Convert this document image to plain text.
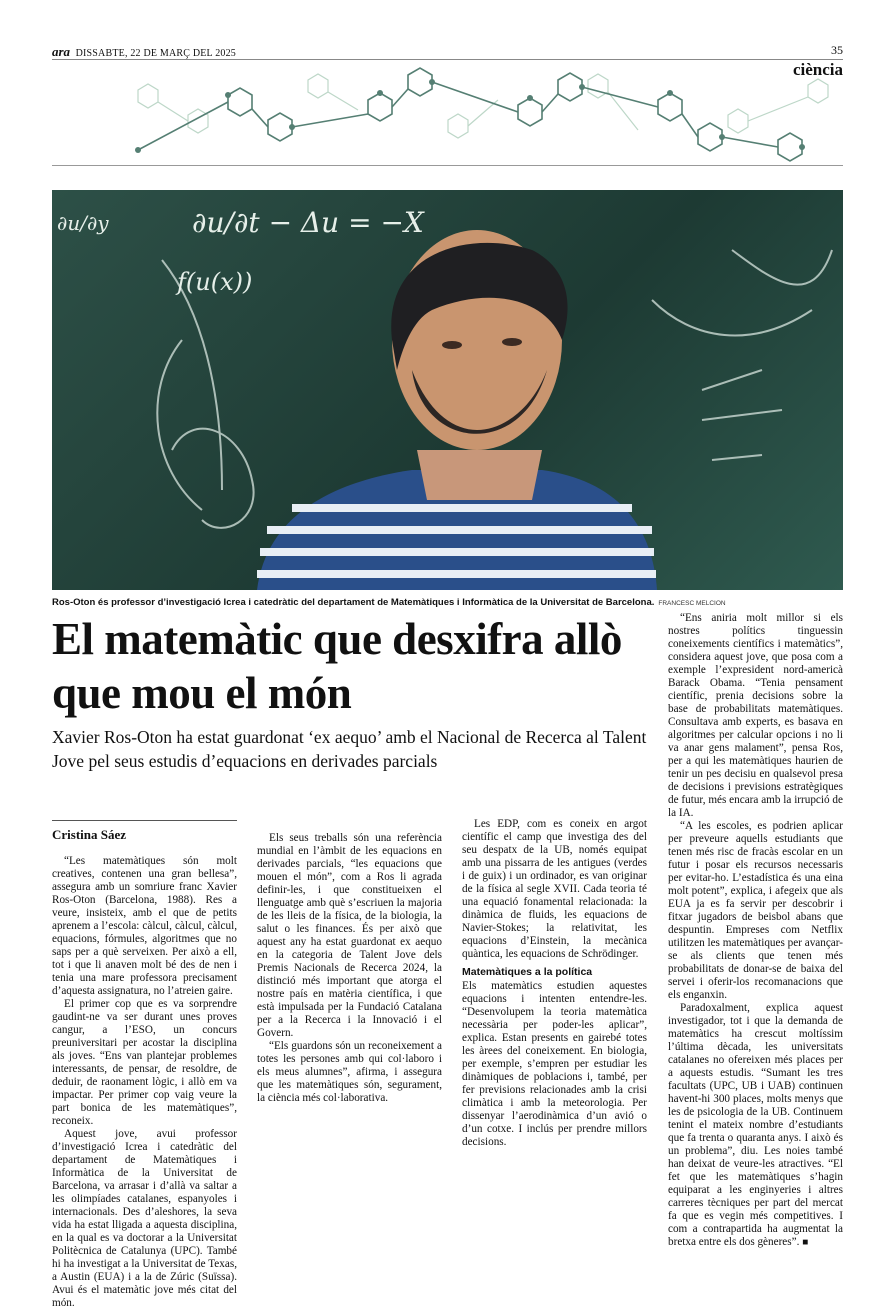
ara DISSABTE, 22 DE MARÇ DEL 2025	35
ciència
∂u/∂t − Δu = −X
f(u(x))
∂u/∂y
Ros-Oton és professor d’investigació Icrea i catedràtic del departament de Matemàtiques i Informàtica de la Universitat de Barcelona. FRANCESC MELCION
El matemàtic que desxifra allò que mou el món
Xavier Ros-Oton ha estat guardonat ‘ex aequo’ amb el Nacional de Recerca al Talent Jove pel seus estudis d’equacions en derivades parcials
Cristina Sáez

“Les matemàtiques són molt creatives, contenen una gran bellesa”, assegura amb un somriure franc Xavier Ros-Oton (Barcelona, 1988). Res a veure, insisteix, amb el que de petits aprenem a l’escola: càlcul, càlcul, càlcul, equacions, fórmules, algoritmes que no saps per a què serveixen. Per això a ell, tot i que li anaven molt bé des de nen i tenia una mare professora precisament d’aquesta assignatura, no l’atreien gaire.

El primer cop que es va sorprendre gaudint-ne va ser durant unes proves cangur, a l’ESO, un concurs preuniversitari per acostar la disciplina als joves. “Ens van plantejar problemes interessants, de pensar, de resoldre, de deduir, de raonament lògic, i allò em va impactar. Per primer cop vaig veure la part bonica de les matemàtiques”, reconeix.

Aquest jove, avui professor d’investigació Icrea i catedràtic del departament de Matemàtiques i Informàtica de la Universitat de Barcelona, va arrasar i d’allà va saltar a les olimpíades catalanes, espanyoles i internacionals. Des d’aleshores, la seva vida ha estat lligada a aquesta disciplina, en la qual es va doctorar a la Universitat Politècnica de Catalunya (UPC). També hi ha investigat a la Universitat de Texas, a Austin (EUA) i a la de Zúric (Suïssa). Avui és el matemàtic jove més citat del món.

Els seus treballs són una referència mundial en l’àmbit de les equacions en derivades parcials, “les equacions que mouen el món”, com a Ros li agrada definir-les, i que constitueixen el llenguatge amb què s’escriuen la majoria de les lleis de la física, de la biologia, la salut o les finances. És per això que aquest any ha estat guardonat ex aequo en la categoria de Talent Jove dels Premis Nacionals de Recerca 2024, la distinció més important que atorga el nostre país en matèria científica, i que està impulsada per la Fundació Catalana per a la Recerca i la Innovació i el Govern.

“Els guardons són un reconeixement a totes les persones amb qui col·laboro i els meus alumnes”, afirma, i assegura que les matemàtiques són, segurament, la ciència més col·laborativa.

Les EDP, com es coneix en argot científic el camp que investiga des del seu despatx de la UB, només equipat amb una pissarra de les antigues (verdes i de guix) i un ordinador, es van originar de la física al segle XVII. Cada teoria té una equació fonamental relacionada: la dinàmica de fluids, les equacions de Navier-Stokes; la relativitat, les equacions d’Einstein, la mecànica quàntica, les equacions de Schrödinger.

Matemàtiques a la política

Els matemàtics estudien aquestes equacions i intenten entendre-les. “Desenvolupem la teoria matemàtica necessària per poder-les aplicar”, explica. Estan presents en gairebé totes les àrees del coneixement. En biologia, per exemple, s’empren per estudiar les dinàmiques de poblacions i, també, per fer previsions relacionades amb la crisi climàtica i amb la meteorologia. Per dissenyar l’aerodinàmica d’un avió o d’un cotxe. I inclús per prendre millors decisions.

“Ens aniria molt millor si els nostres polítics tinguessin coneixements científics i matemàtics”, considera aquest jove, que posa com a exemple l’expresident nord-americà Barack Obama. “Tenia pensament científic, prenia decisions sobre la base de probabilitats matemàtiques. Consultava amb experts, es basava en algoritmes per calcular opcions i no li va anar gens malament”, pensa Ros, per a qui les matemàtiques haurien de tenir un pes decisiu en qualsevol presa de decisions i previsions estratègiques de futur, més encara amb la irrupció de la IA.

“A les escoles, es podrien aplicar per preveure aquells estudiants que tenen més risc de fracàs escolar en un futur i posar els recursos necessaris per evitar-ho. L’estadística és una eina molt potent”, explica, i afegeix que als EUA ja es fa servir per descobrir i fitxar jugadors de beisbol abans que despuntin. Empreses com Netflix utilitzen les matemàtiques per avançar-se als clients que tenen més probabilitats de donar-se de baixa del servei i oferir-los recomanacions que els enganxin.

Paradoxalment, explica aquest investigador, tot i que la demanda de matemàtics ha crescut moltíssim l’última dècada, les universitats catalanes no ofereixen més places per a aquests estudis. “Sumant les tres facultats (UPC, UB i UAB) continuen havent-hi 300 places, molts menys que les de psicologia de la UB. Continuem tenint el mateix nombre d’estudiants que fa trenta o quaranta anys. I això és un problema”, diu. Les noies també han deixat de veure-les atractives. “El fet que les matemàtiques s’hagin equiparat a les enginyeries i altres carreres tècniques per part del mercat fa que es vegin més competitives. I com a contrapartida ha augmentat la bretxa entre els dos gèneres”. ■
